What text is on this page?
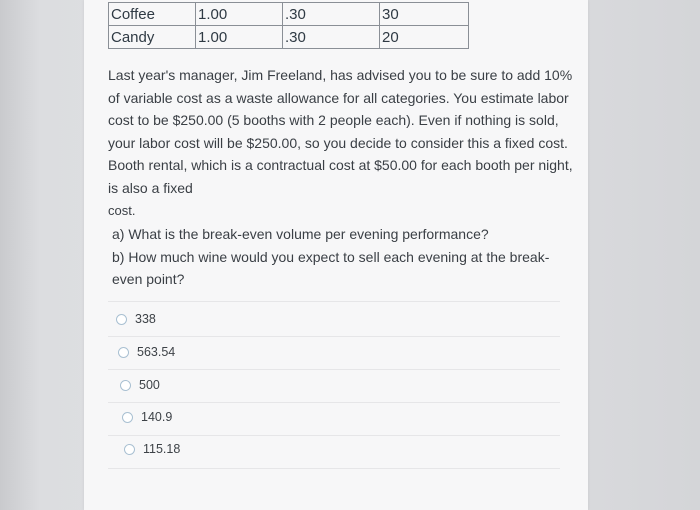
Coffee	1.00	.30	30
Candy	1.00	.30	20

Last year's manager, Jim Freeland, has advised you to be sure to add 10% of variable cost as a waste allowance for all categories. You estimate labor cost to be $250.00 (5 booths with 2 people each). Even if nothing is sold, your labor cost will be $250.00, so you decide to consider this a fixed cost. Booth rental, which is a contractual cost at $50.00 for each booth per night, is also a fixed

cost.

a) What is the break-even volume per evening performance?

b) How much wine would you expect to sell each evening at the break-even point?

338
563.54
500
140.9
115.18
